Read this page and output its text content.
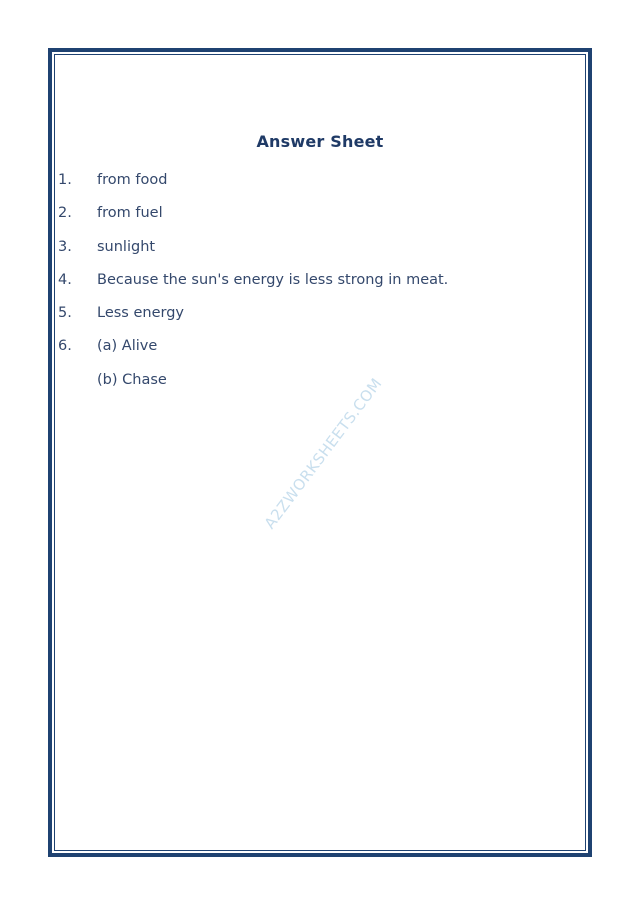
Answer Sheet
1.	from food
2.	from fuel
3.	sunlight
4.	Because the sun's energy is less strong in meat.
5.	Less energy
6.	(a) Alive
(b) Chase	A2ZWORKSHEETS.COM
